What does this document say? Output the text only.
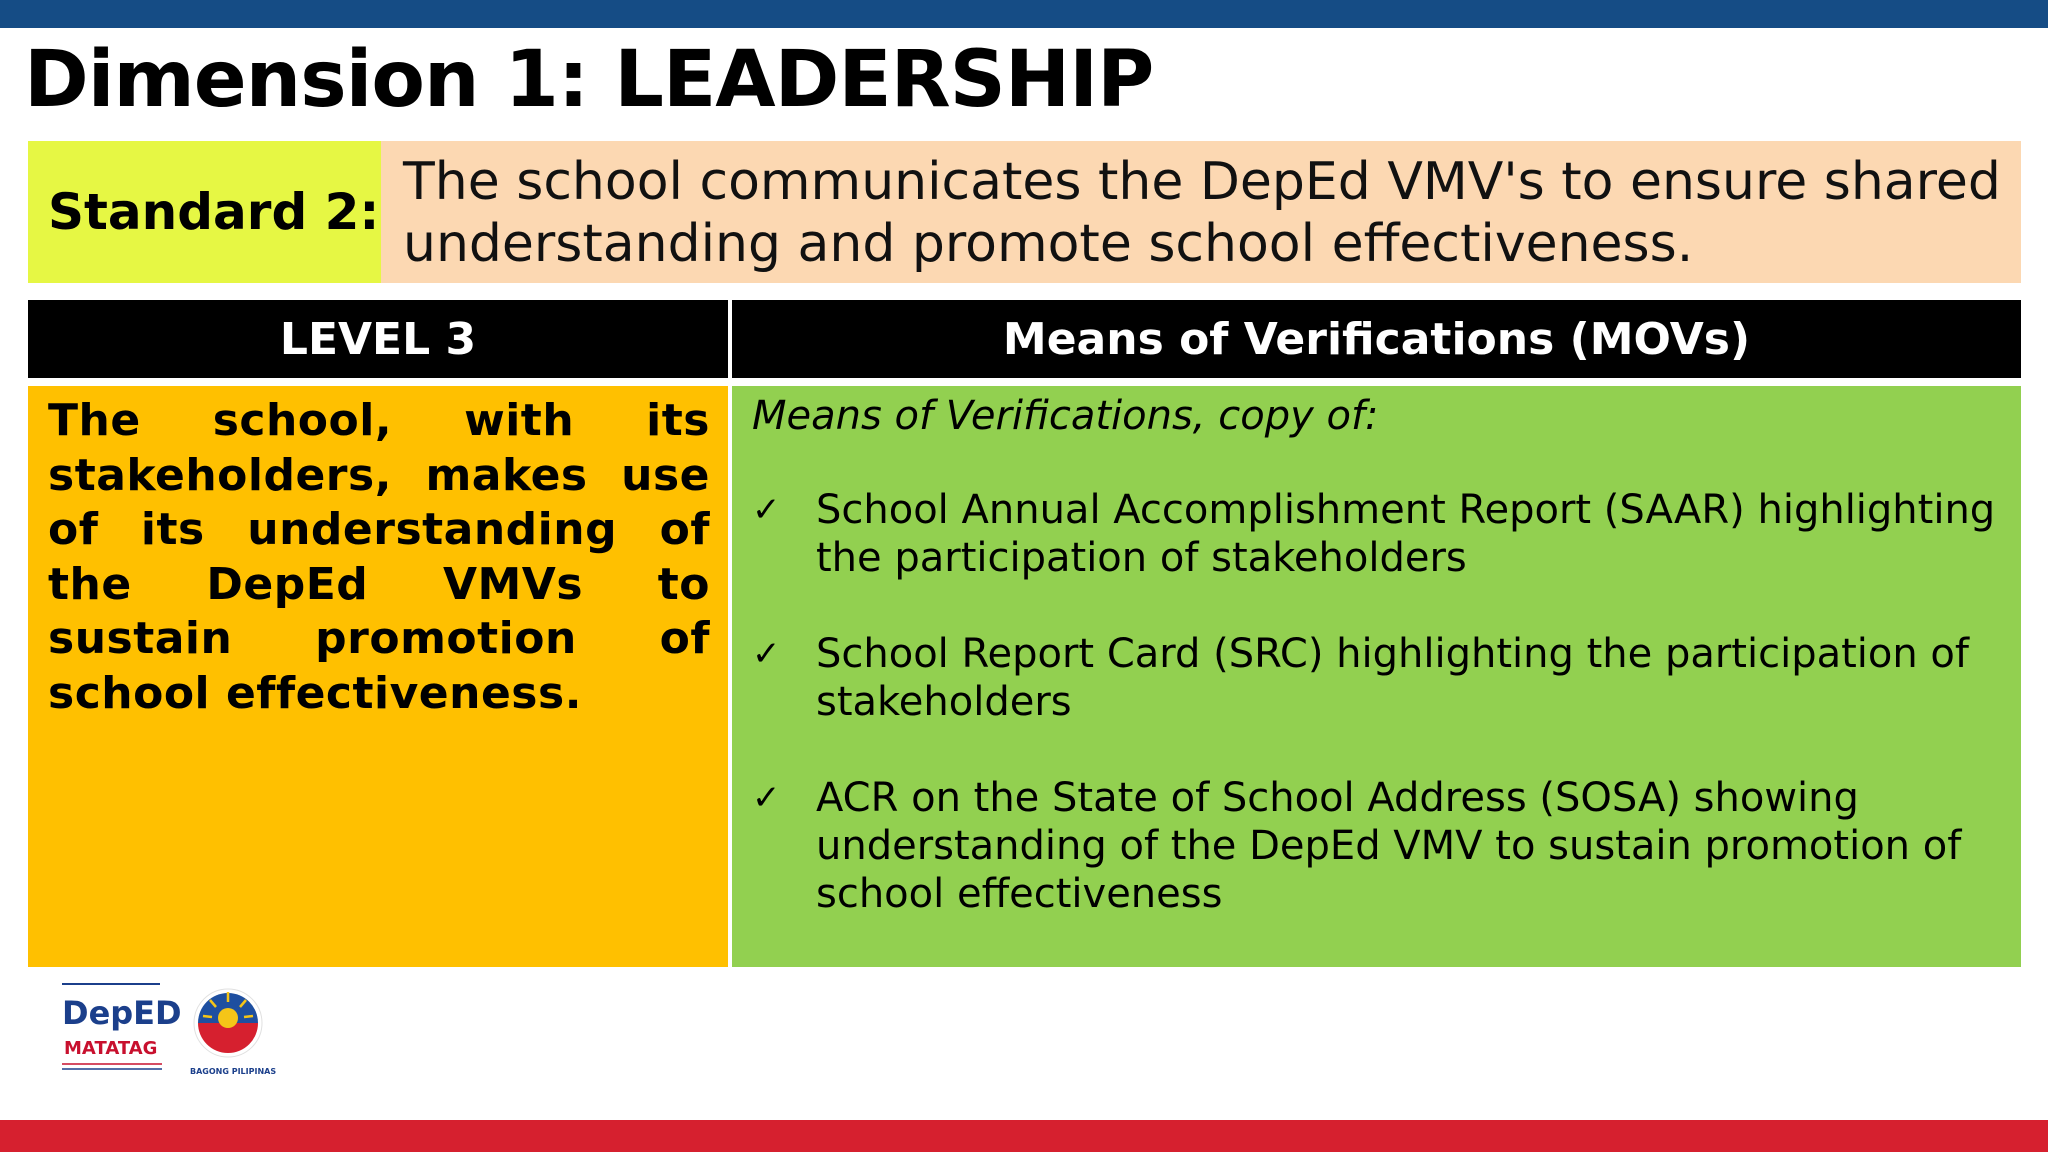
Dimension 1: LEADERSHIP
Standard 2: The school communicates the DepEd VMV's to ensure shared understanding and promote school effectiveness.
LEVEL 3	Means of Verifications (MOVs)

The school, with its stakeholders, makes use of its understanding of the DepEd VMVs to sustain promotion of school effectiveness.

Means of Verifications, copy of:

✓ School Annual Accomplishment Report (SAAR) highlighting the participation of stakeholders
✓ School Report Card (SRC) highlighting the participation of stakeholders
✓ ACR on the State of School Address (SOSA) showing understanding of the DepEd VMV to sustain promotion of school effectiveness
DepED
MATATAG
BAGONG PILIPINAS
